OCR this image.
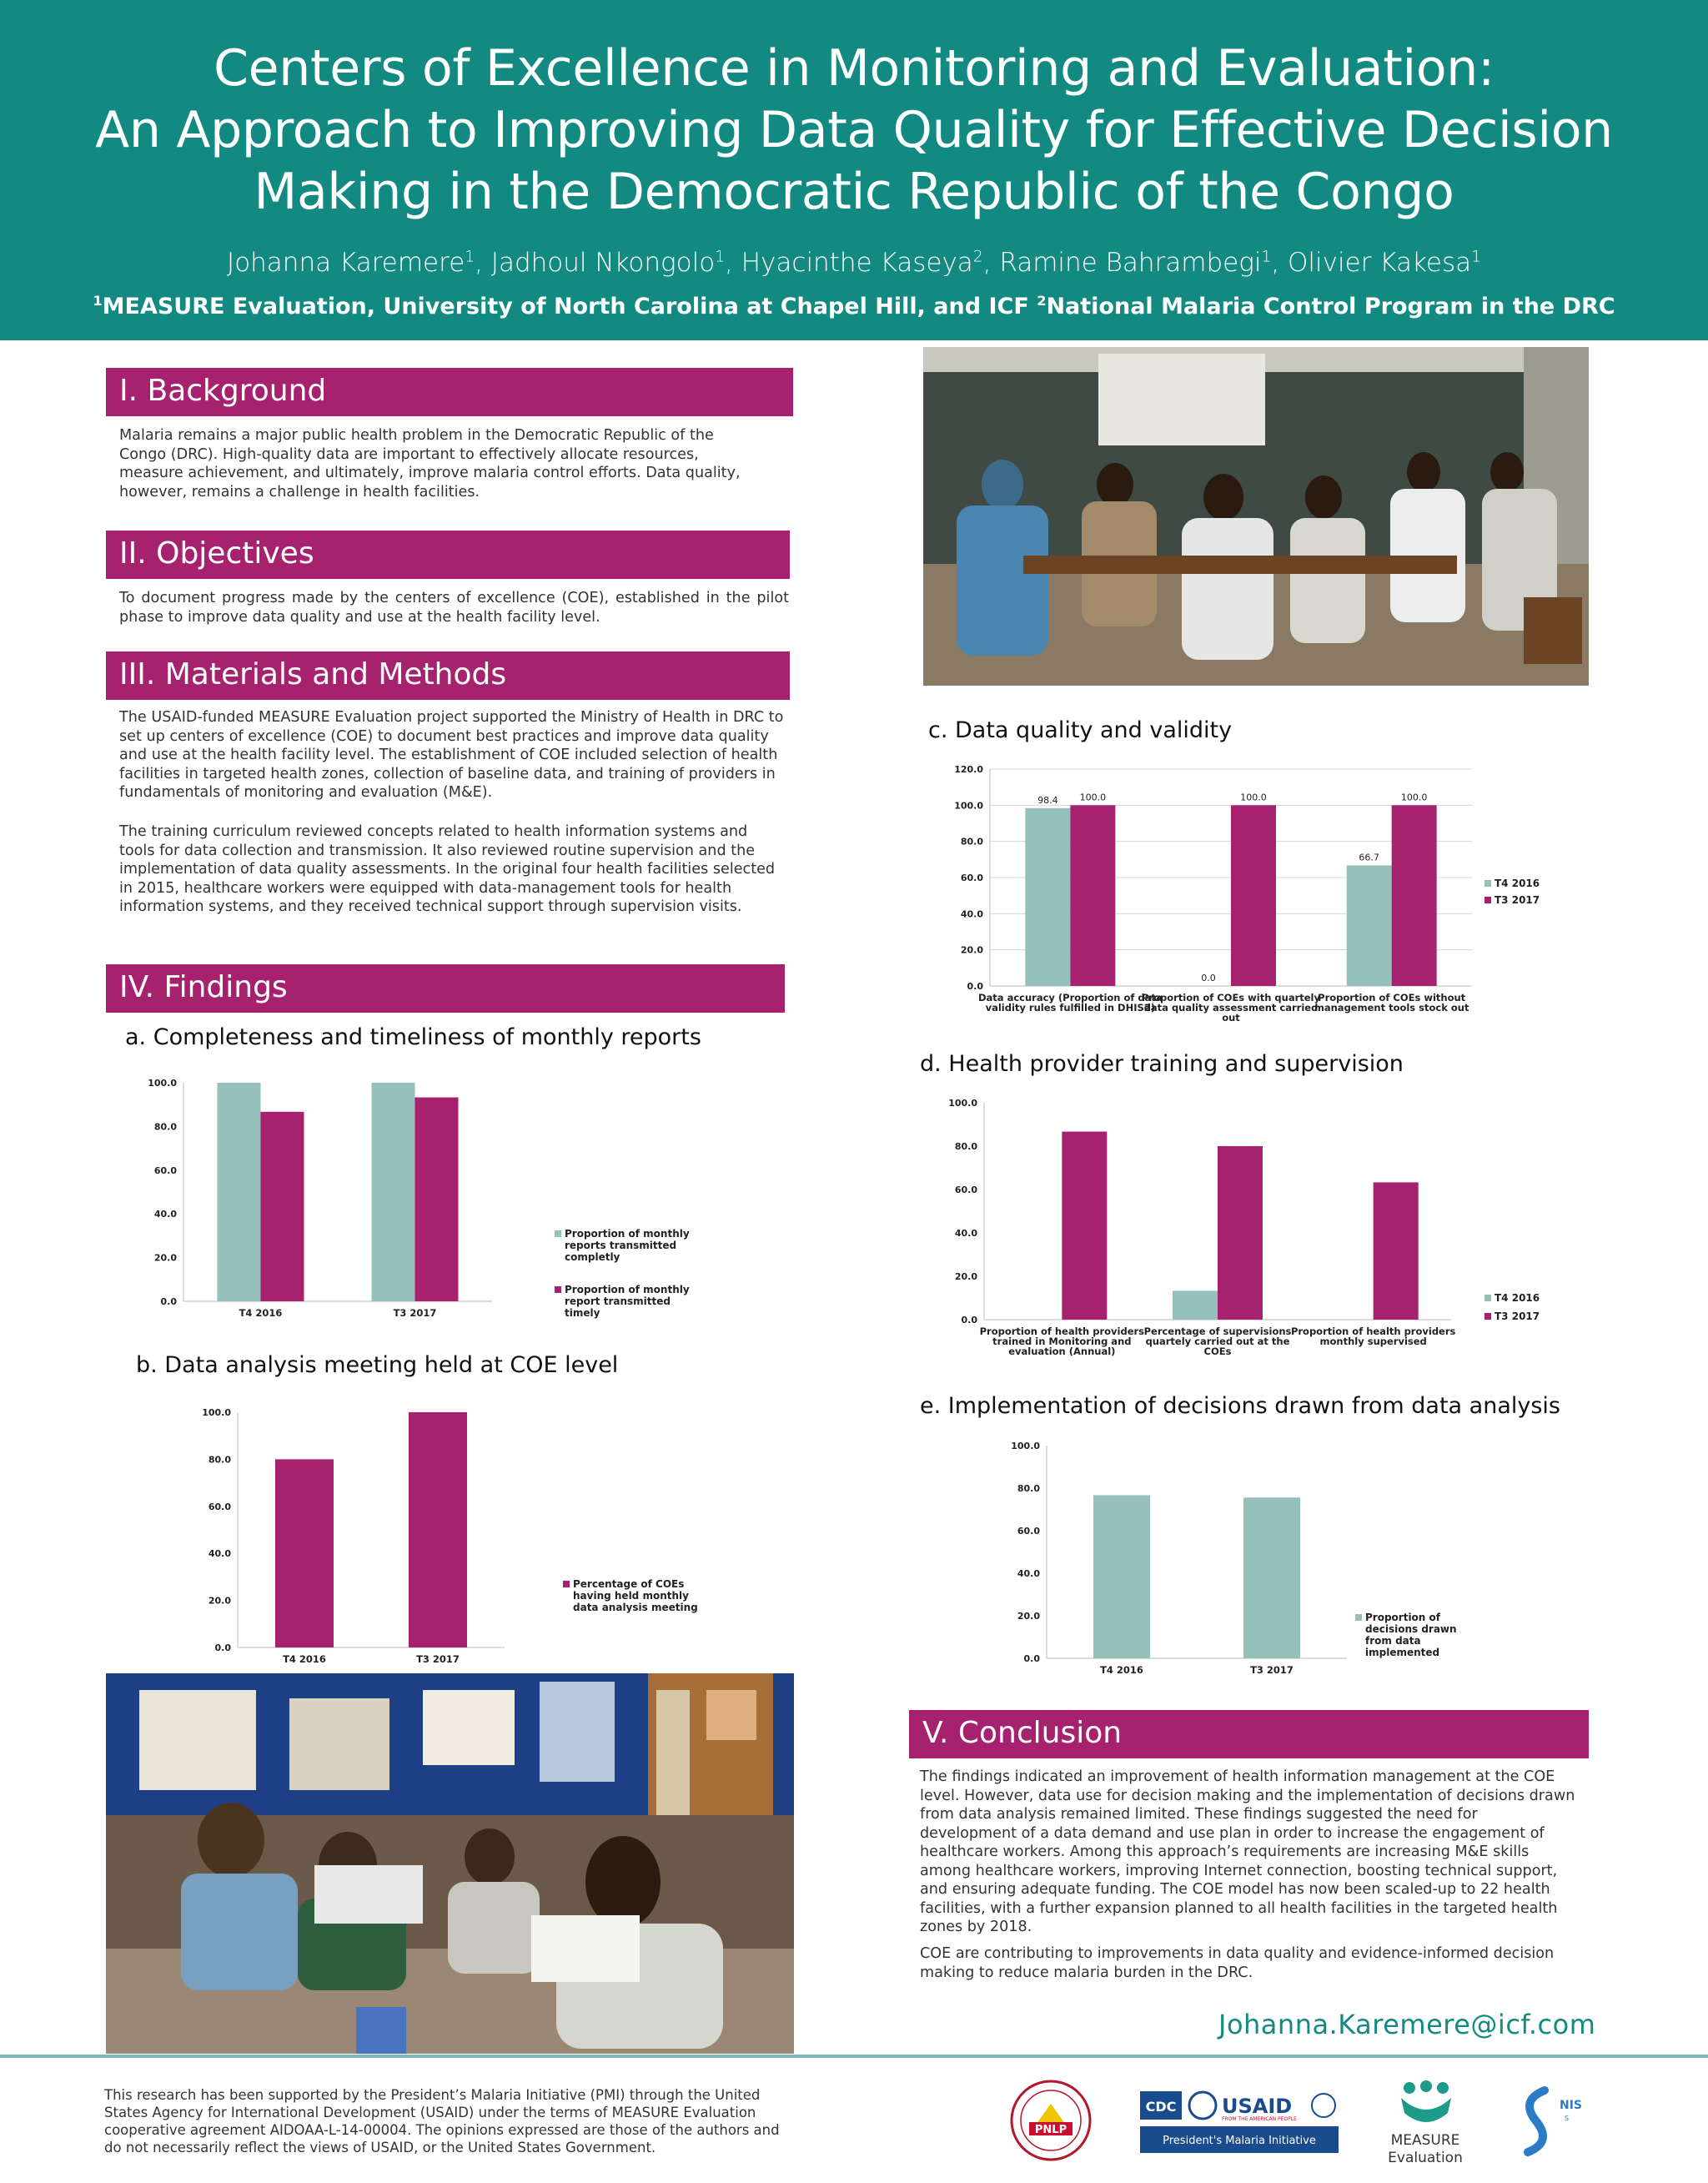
Centers of Excellence in Monitoring and Evaluation:
An Approach to Improving Data Quality for Effective Decision
Making in the Democratic Republic of the Congo
Johanna Karemere$^1$, Jadhoul Nkongolo$^1$, Hyacinthe Kaseya$^2$, Ramine Bahrambegi$^1$, Olivier Kakesa$^1$
$^1$MEASURE Evaluation, University of North Carolina at Chapel Hill, and ICF $^2$National Malaria Control Program in the DRC
I. Background
Malaria remains a major public health problem in the Democratic Republic of the Congo (DRC). High-quality data are important to effectively allocate resources, measure achievement, and ultimately, improve malaria control efforts. Data quality, however, remains a challenge in health facilities.
II. Objectives
To document progress made by the centers of excellence (COE), established in the pilot phase to improve data quality and use at the health facility level.
III. Materials and Methods
The USAID-funded MEASURE Evaluation project supported the Ministry of Health in DRC to set up centers of excellence (COE) to document best practices and improve data quality and use at the health facility level. The establishment of COE included selection of health facilities in targeted health zones, collection of baseline data, and training of providers in fundamentals of monitoring and evaluation (M&E).
The training curriculum reviewed concepts related to health information systems and tools for data collection and transmission. It also reviewed routine supervision and the implementation of data quality assessments. In the original four health facilities selected in 2015, healthcare workers were equipped with data-management tools for health information systems, and they received technical support through supervision visits.
IV. Findings
a. Completeness and timeliness of monthly reports
0.0
20.0
40.0
60.0
80.0
100.0
T4 2016	T3 2017
Proportion of monthly
reports transmitted
completly
Proportion of monthly
report transmitted
timely
b. Data analysis meeting held at COE level
0.0
20.0
40.0
60.0
80.0
100.0
T4 2016	T3 2017
Percentage of COEs
having held monthly
data analysis meeting
c. Data quality and validity
0.0
20.0
40.0
60.0
80.0
100.0
120.0
98.4 100.0
Data accuracy (Proportion of data
validity rules fulfilled in DHIS2)
0.0
100.0
Proportion of COEs with quartely
data quality assessment carried
out
66.7
100.0
Proportion of COEs without
management tools stock out
T4 2016
T3 2017
d. Health provider training and supervision
0.0
20.0
40.0
60.0
80.0
100.0
Proportion of health providers
trained in Monitoring and
evaluation (Annual)
Percentage of supervisions
quartely carried out at the
COEs
Proportion of health providers
monthly supervised
T4 2016
T3 2017
e. Implementation of decisions drawn from data analysis
0.0
20.0
40.0
60.0
80.0
100.0
T4 2016	T3 2017
Proportion of
decisions drawn
from data
implemented
V. Conclusion
The findings indicated an improvement of health information management at the COE level. However, data use for decision making and the implementation of decisions drawn from data analysis remained limited. These findings suggested the need for development of a data demand and use plan in order to increase the engagement of healthcare workers. Among this approach’s requirements are increasing M&E skills among healthcare workers, improving Internet connection, boosting technical support, and ensuring adequate funding. The COE model has now been scaled-up to 22 health facilities, with a further expansion planned to all health facilities in the targeted health zones by 2018.
COE are contributing to improvements in data quality and evidence-informed decision making to reduce malaria burden in the DRC.
Johanna.Karemere@icf.com
This research has been supported by the President’s Malaria Initiative (PMI) through the United States Agency for International Development (USAID) under the terms of MEASURE Evaluation cooperative agreement AIDOAA-L-14-00004. The opinions expressed are those of the authors and do not necessarily reflect the views of USAID, or the United States Government.
PNLP
CDC USAID
FROM THE AMERICAN PEOPLE
President's Malaria Initiative	MEASURE
Evaluation
NIS
S
